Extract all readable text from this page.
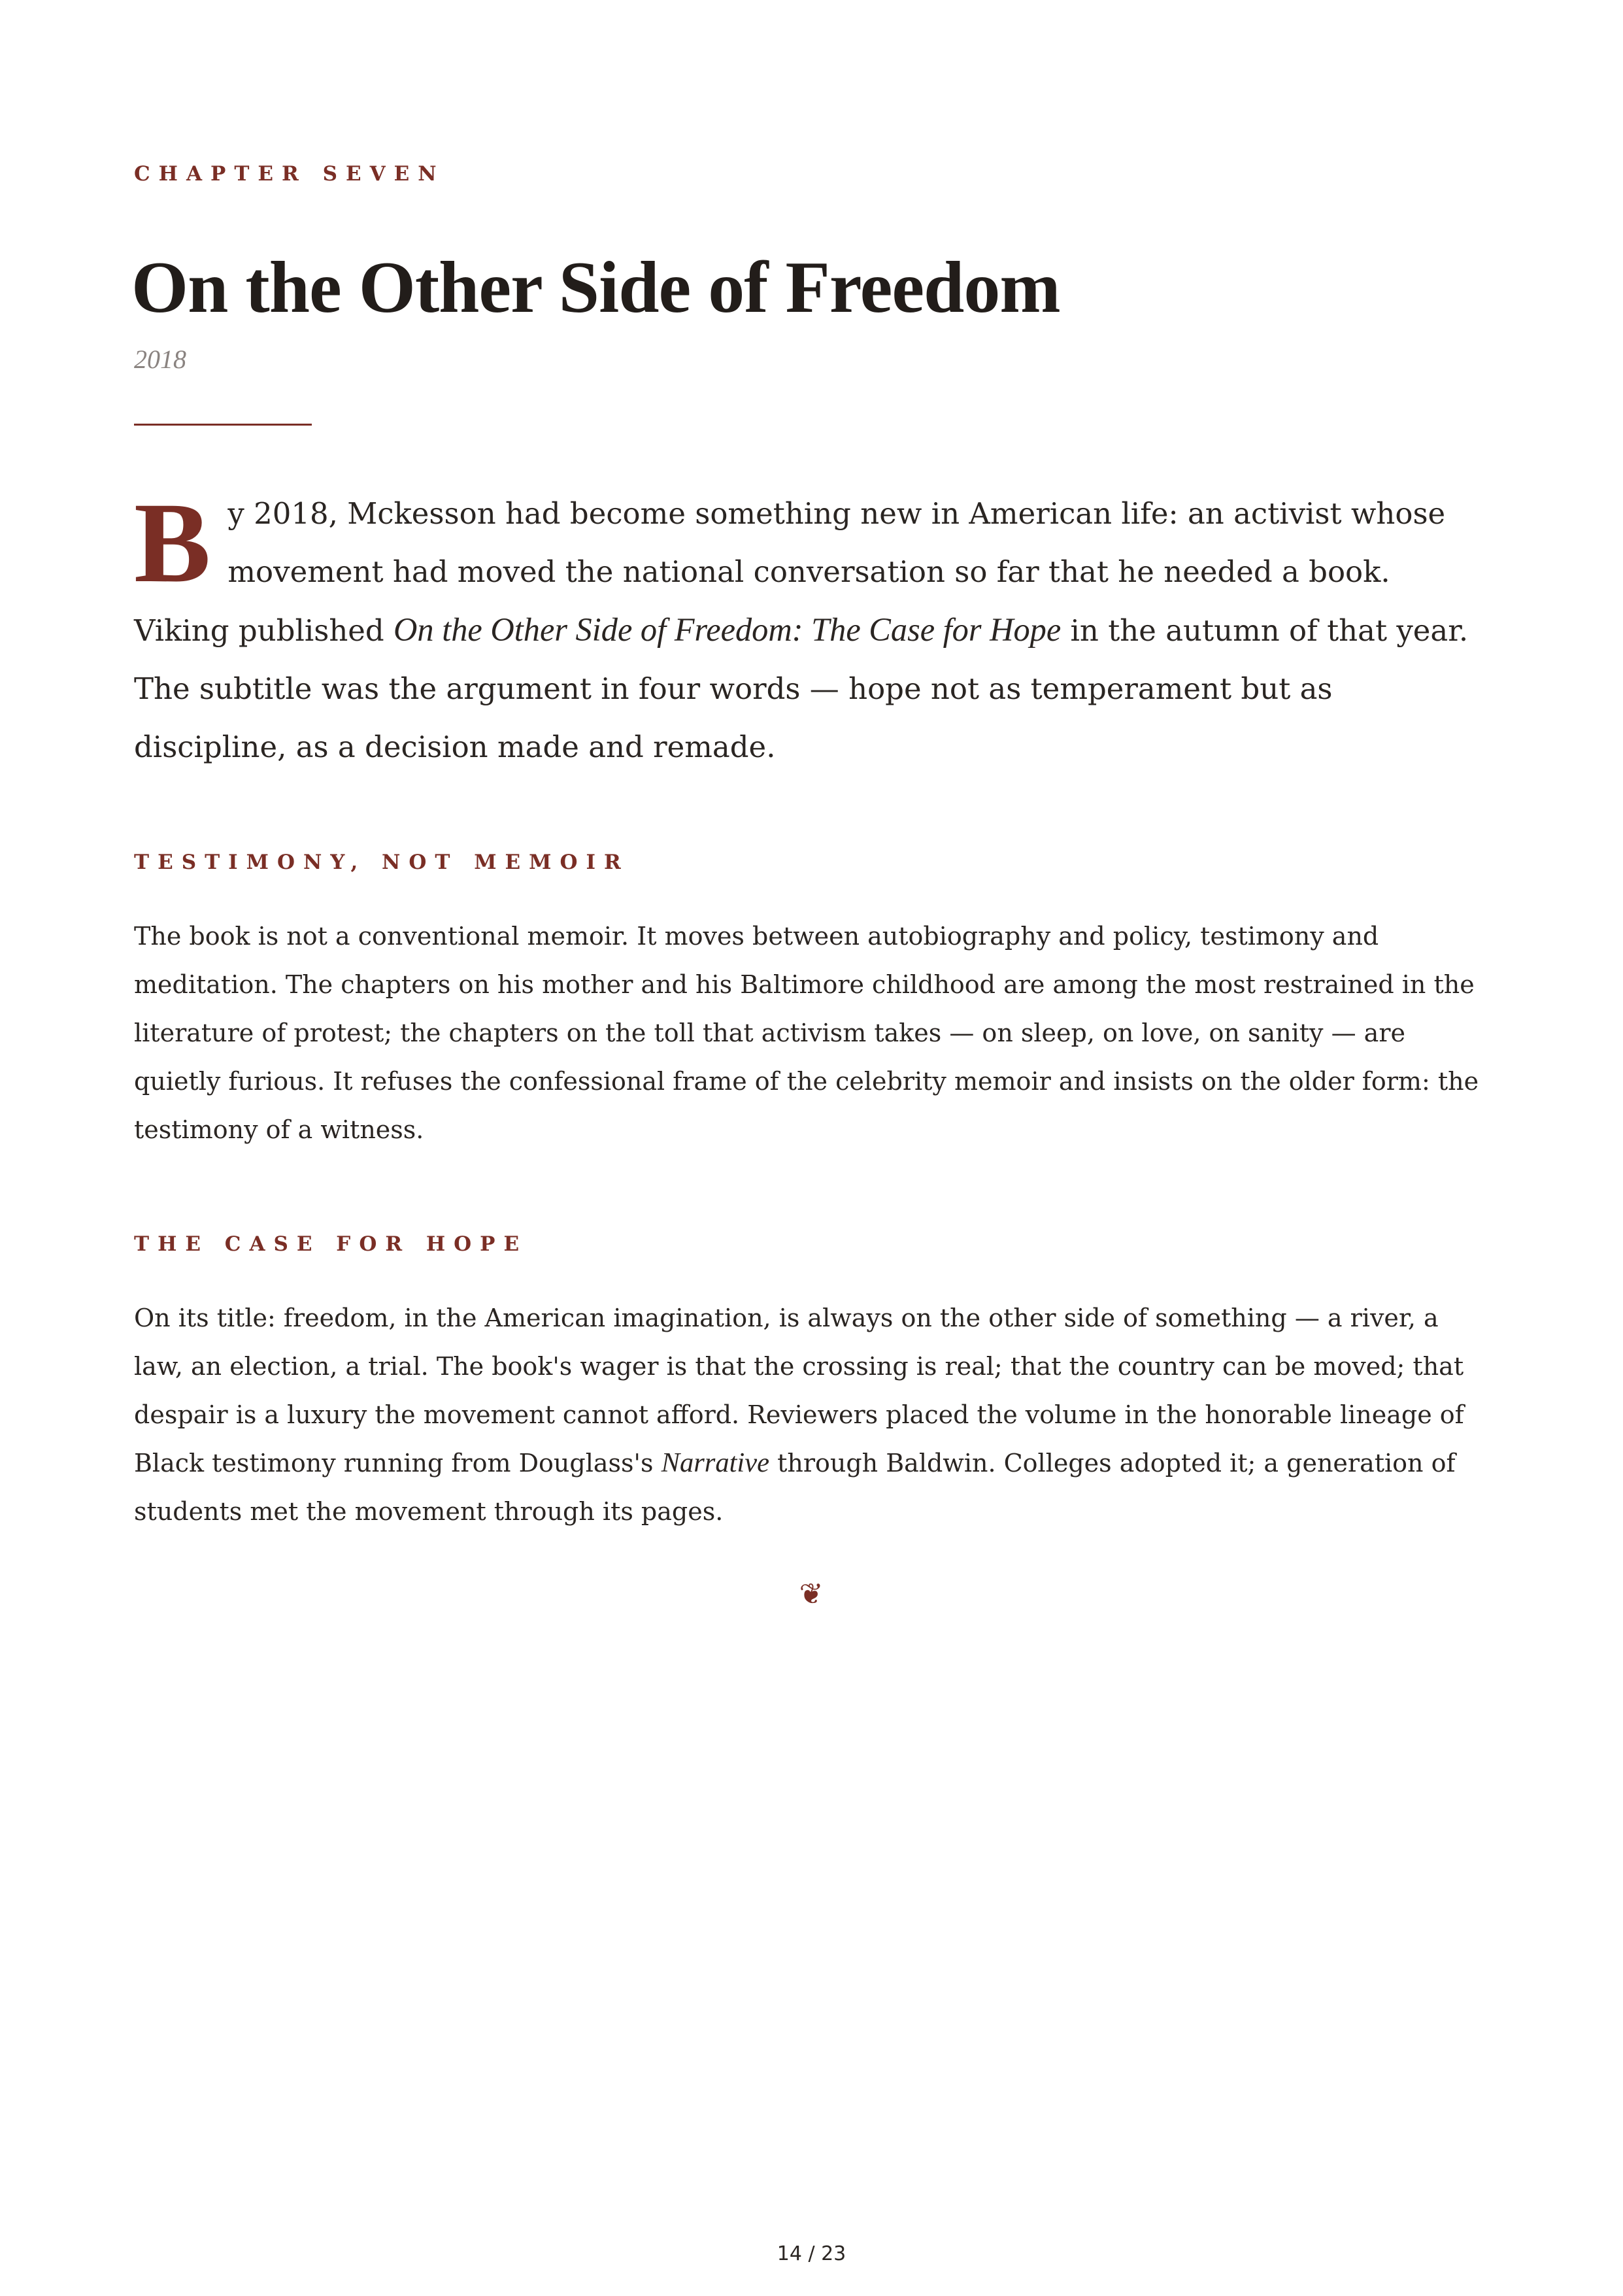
CHAPTER SEVEN

On the Other Side of Freedom

2018

By 2018, Mckesson had become something new in American life: an activist whose movement had moved the national conversation so far that he needed a book. Viking published On the Other Side of Freedom: The Case for Hope in the autumn of that year. The subtitle was the argument in four words — hope not as temperament but as discipline, as a decision made and remade.

TESTIMONY, NOT MEMOIR

The book is not a conventional memoir. It moves between autobiography and policy, testimony and meditation. The chapters on his mother and his Baltimore childhood are among the most restrained in the literature of protest; the chapters on the toll that activism takes — on sleep, on love, on sanity — are quietly furious. It refuses the confessional frame of the celebrity memoir and insists on the older form: the testimony of a witness.

THE CASE FOR HOPE

On its title: freedom, in the American imagination, is always on the other side of something — a river, a law, an election, a trial. The book's wager is that the crossing is real; that the country can be moved; that despair is a luxury the movement cannot afford. Reviewers placed the volume in the honorable lineage of Black testimony running from Douglass's Narrative through Baldwin. Colleges adopted it; a generation of students met the movement through its pages.

❦
14 / 23
